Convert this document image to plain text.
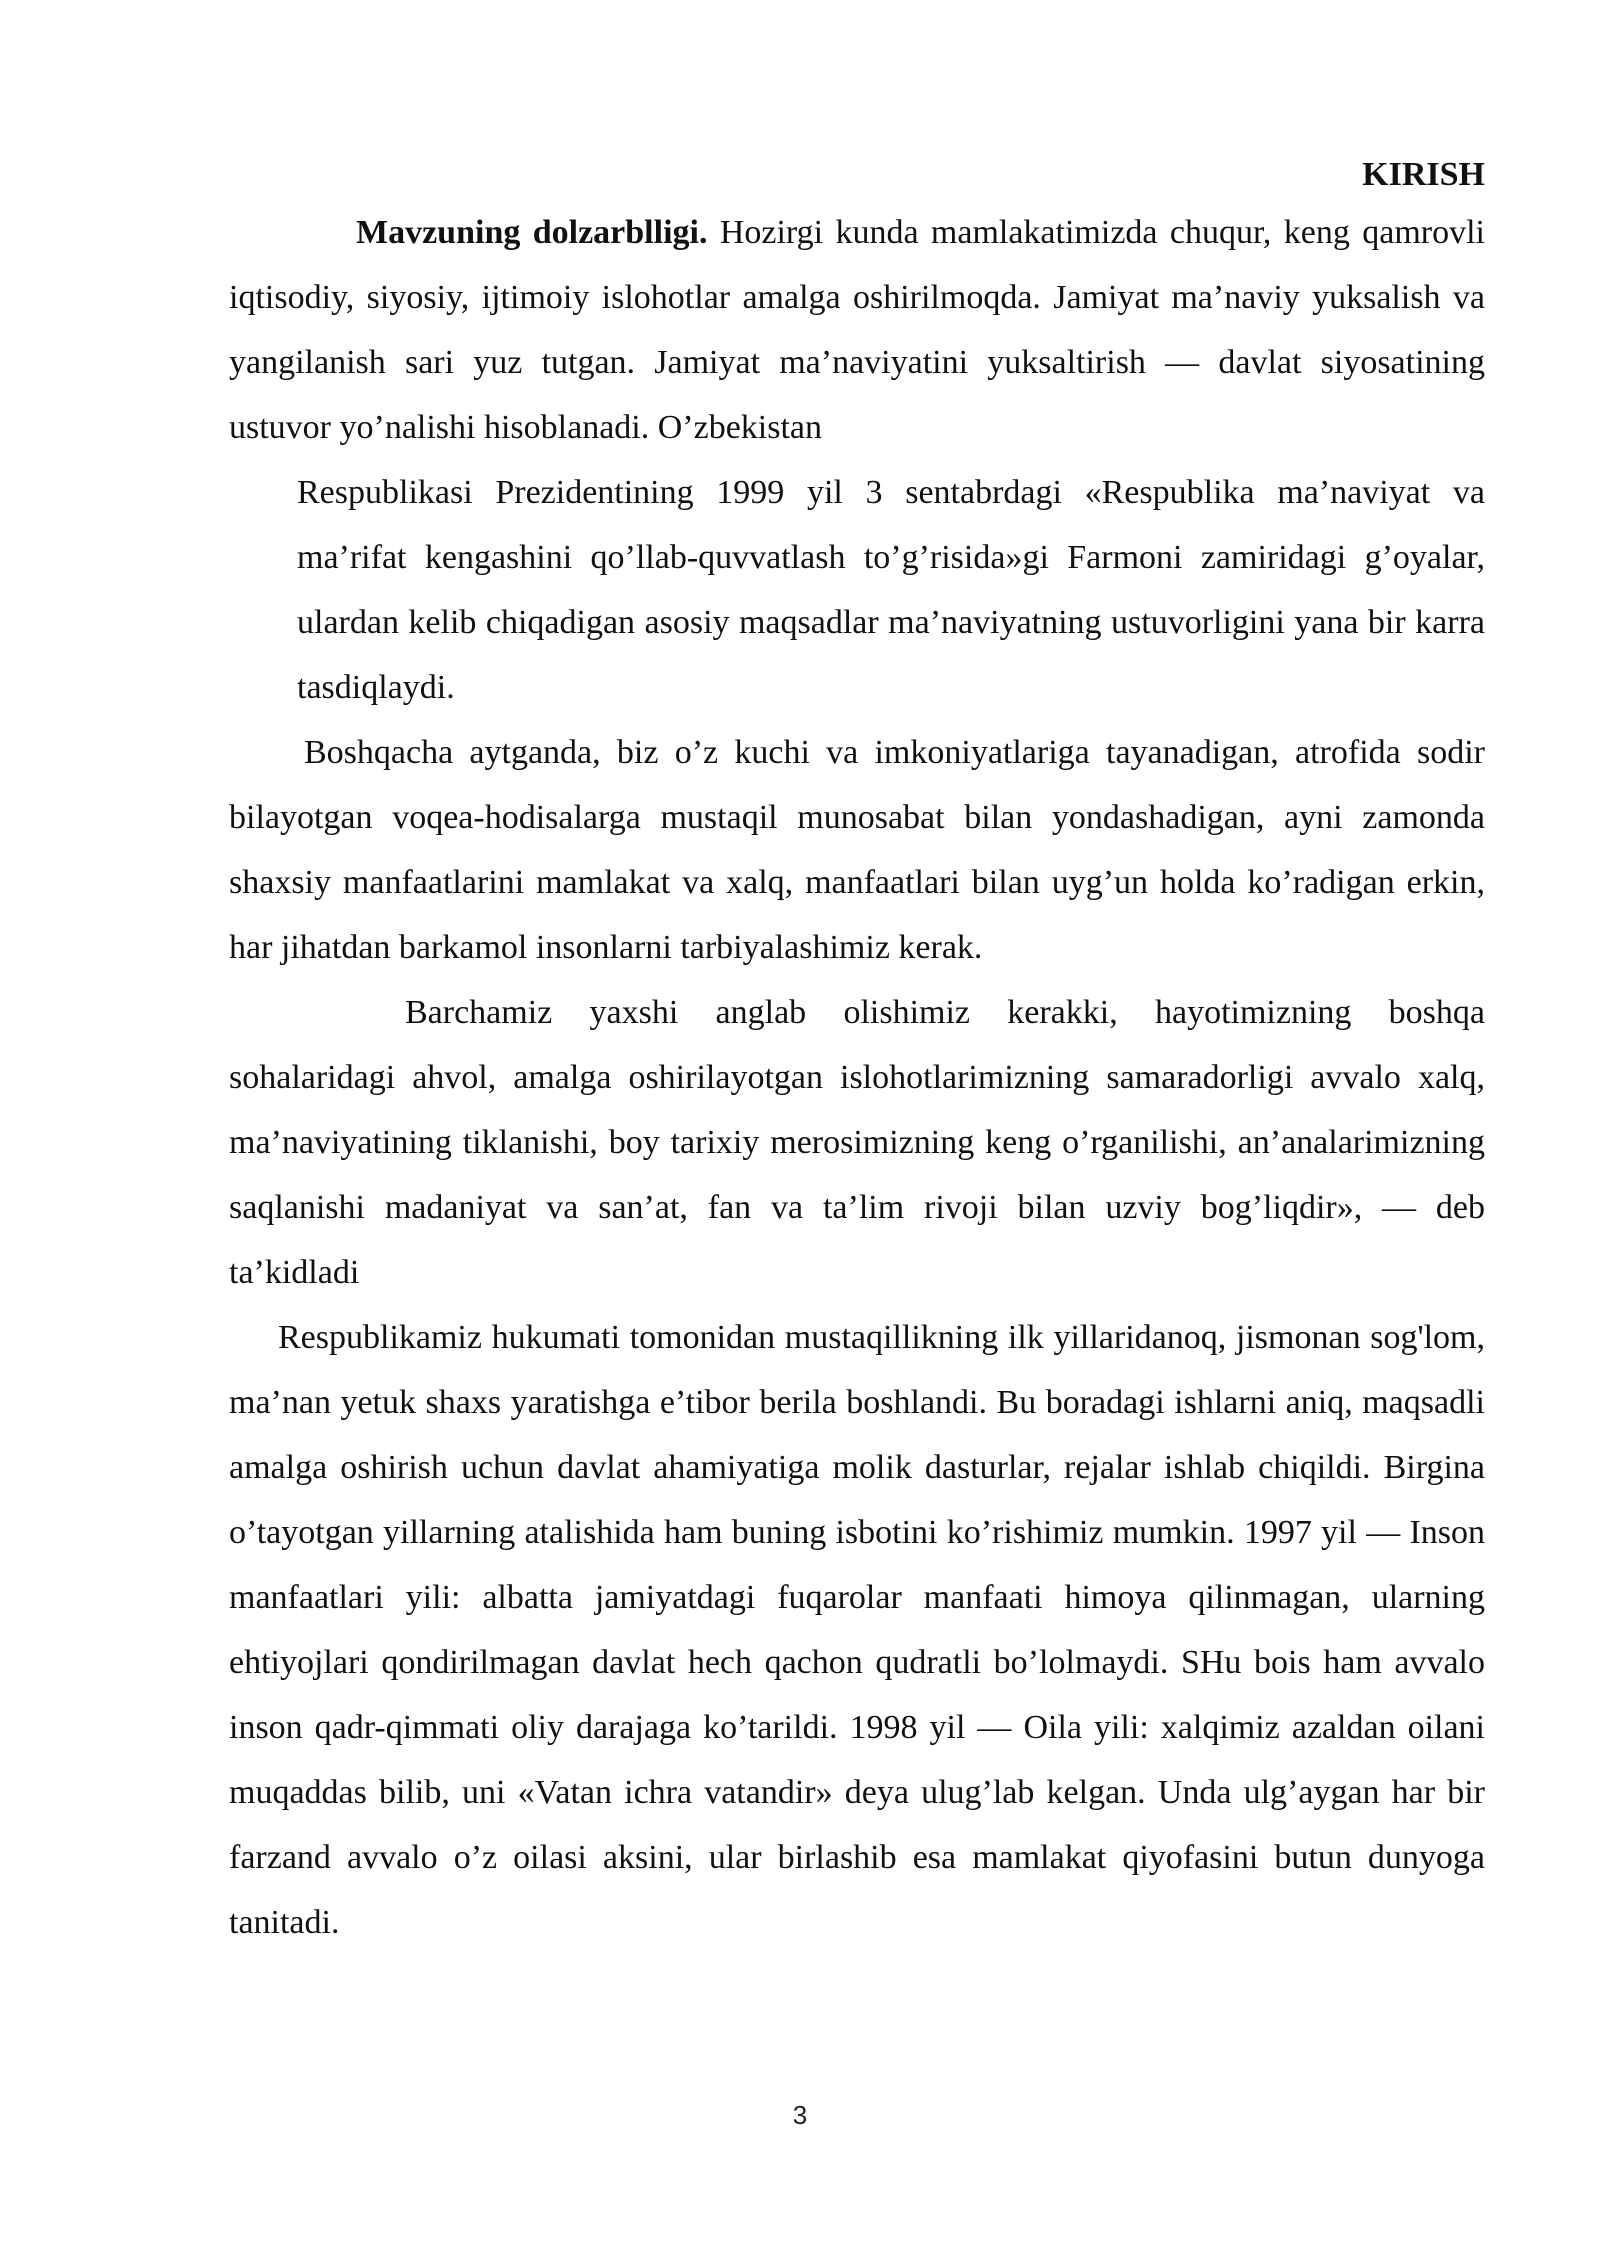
KIRISH

Mavzuning dolzarblligi. Hozirgi kunda mamlakatimizda chuqur, keng qamrovli iqtisodiy, siyosiy, ijtimoiy islohotlar amalga oshirilmoqda. Jamiyat ma’naviy yuksalish va yangilanish sari yuz tutgan. Jamiyat ma’naviyatini yuksaltirish — davlat siyosatining ustuvor yo’nalishi hisoblanadi. O’zbekistan

Respublikasi Prezidentining 1999 yil 3 sentabrdagi «Respublika ma’naviyat va ma’rifat kengashini qo’llab-quvvatlash to’g’risida»gi Farmoni zamiridagi g’oyalar, ulardan kelib chiqadigan asosiy maqsadlar ma’naviyatning ustuvorligini yana bir karra tasdiqlaydi.

Boshqacha aytganda, biz o’z kuchi va imkoniyatlariga tayanadigan, atrofida sodir bilayotgan voqea-hodisalarga mustaqil munosabat bilan yondashadigan, ayni zamonda shaxsiy manfaatlarini mamlakat va xalq, manfaatlari bilan uyg’un holda ko’radigan erkin, har jihatdan barkamol insonlarni tarbiyalashimiz kerak.

Barchamiz yaxshi anglab olishimiz kerakki, hayotimizning boshqa sohalaridagi ahvol, amalga oshirilayotgan islohotlarimizning samaradorligi avvalo xalq, ma’naviyatining tiklanishi, boy tarixiy merosimizning keng o’rganilishi, an’analarimizning saqlanishi madaniyat va san’at, fan va ta’lim rivoji bilan uzviy bog’liqdir», — deb ta’kidladi

Respublikamiz hukumati tomonidan mustaqillikning ilk yillaridanoq, jismonan sog'lom, ma’nan yetuk shaxs yaratishga e’tibor berila boshlandi. Bu boradagi ishlarni aniq, maqsadli amalga oshirish uchun davlat ahamiyatiga molik dasturlar, rejalar ishlab chiqildi. Birgina o’tayotgan yillarning atalishida ham buning isbotini ko’rishimiz mumkin. 1997 yil — Inson manfaatlari yili: albatta jamiyatdagi fuqarolar manfaati himoya qilinmagan, ularning ehtiyojlari qondirilmagan davlat hech qachon qudratli bo’lolmaydi. SHu bois ham avvalo inson qadr-qimmati oliy darajaga ko’tarildi. 1998 yil — Oila yili: xalqimiz azaldan oilani muqaddas bilib, uni «Vatan ichra vatandir» deya ulug’lab kelgan. Unda ulg’aygan har bir farzand avvalo o’z oilasi aksini, ular birlashib esa mamlakat qiyofasini butun dunyoga tanitadi.

3
